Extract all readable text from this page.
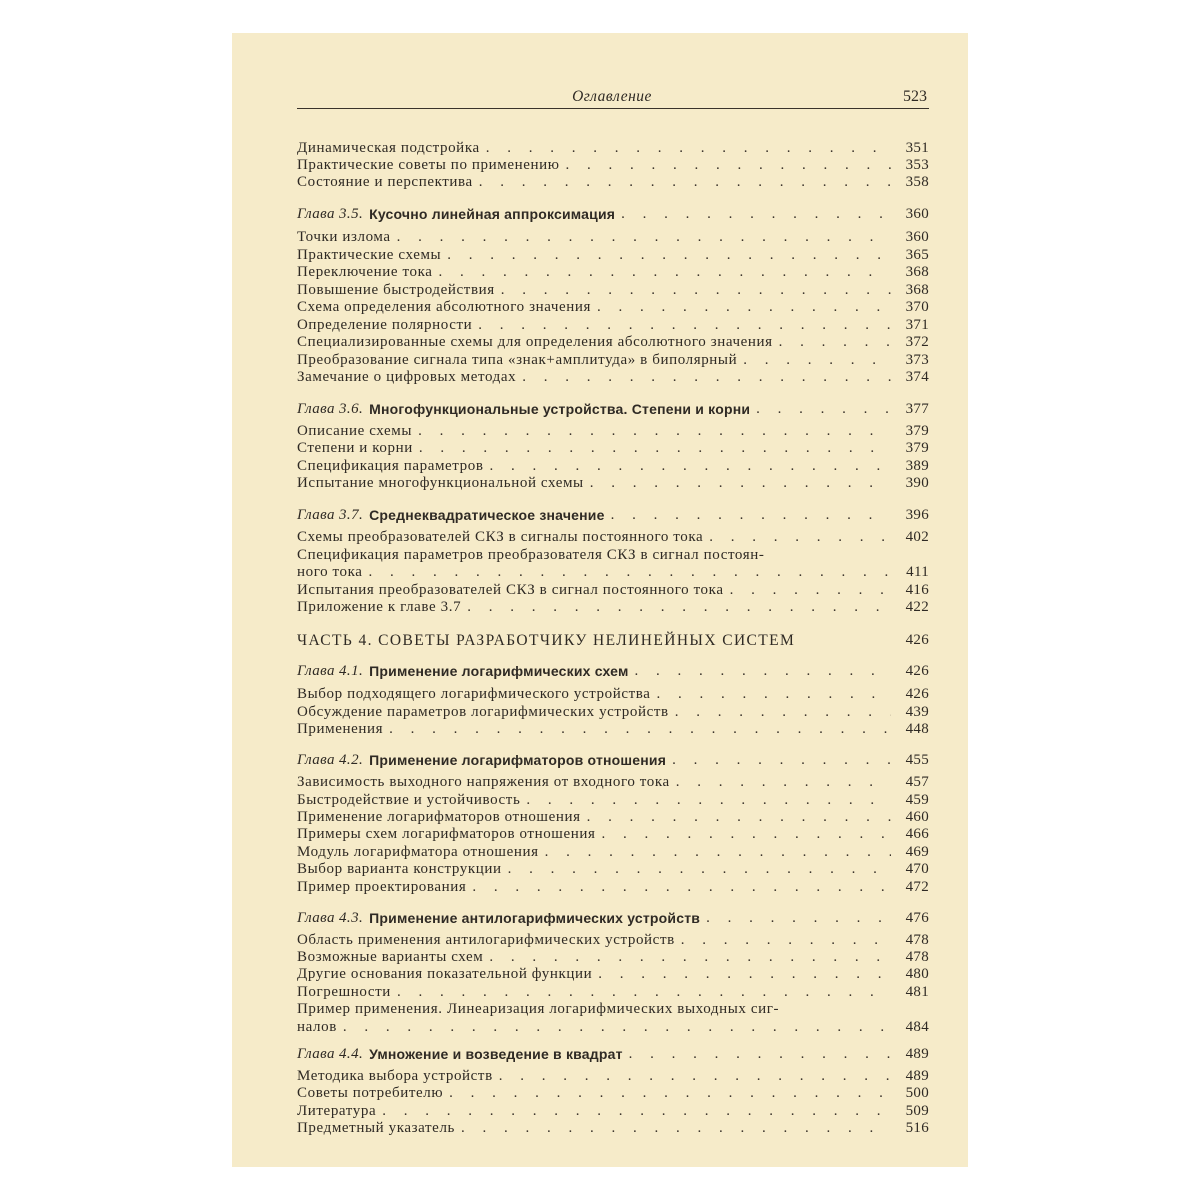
Оглавление	523
Динамическая подстройка . . .	351
Практические советы по применению . . .	353
Состояние и перспектива . . .	358
Глава 3.5. Кусочно линейная аппроксимация . . .	360
Точки излома . . .	360
Практические схемы . . .	365
Переключение тока . . .	368
Повышение быстродействия . . .	368
Схема определения абсолютного значения . . .	370
Определение полярности . . .	371
Специализированные схемы для определения абсолютного значения . . .	372
Преобразование сигнала типа «знак+амплитуда» в биполярный . . .	373
Замечание о цифровых методах . . .	374
Глава 3.6. Многофункциональные устройства. Степени и корни . . .	377
Описание схемы . . .	379
Степени и корни . . .	379
Спецификация параметров . . .	389
Испытание многофункциональной схемы . . .	390
Глава 3.7. Среднеквадратическое значение . . .	396
Схемы преобразователей СКЗ в сигналы постоянного тока . . .	402
Спецификация параметров преобразователя СКЗ в сигнал постоян-
ного тока . . .	411
Испытания преобразователей СКЗ в сигнал постоянного тока . . .	416
Приложение к главе 3.7 . . .	422
ЧАСТЬ 4. СОВЕТЫ РАЗРАБОТЧИКУ НЕЛИНЕЙНЫХ СИСТЕМ	426
Глава 4.1. Применение логарифмических схем . . .	426
Выбор подходящего логарифмического устройства . . .	426
Обсуждение параметров логарифмических устройств . . .	439
Применения . . .	448
Глава 4.2. Применение логарифматоров отношения . . .	455
Зависимость выходного напряжения от входного тока . . .	457
Быстродействие и устойчивость . . .	459
Применение логарифматоров отношения . . .	460
Примеры схем логарифматоров отношения . . .	466
Модуль логарифматора отношения . . .	469
Выбор варианта конструкции . . .	470
Пример проектирования . . .	472
Глава 4.3. Применение антилогарифмических устройств . . .	476
Область применения антилогарифмических устройств . . .	478
Возможные варианты схем . . .	478
Другие основания показательной функции . . .	480
Погрешности . . .	481
Пример применения. Линеаризация логарифмических выходных сиг-
налов . . .	484
Глава 4.4. Умножение и возведение в квадрат . . .	489
Методика выбора устройств . . .	489
Советы потребителю . . .	500
Литература . . .	509
Предметный указатель . . .	516
